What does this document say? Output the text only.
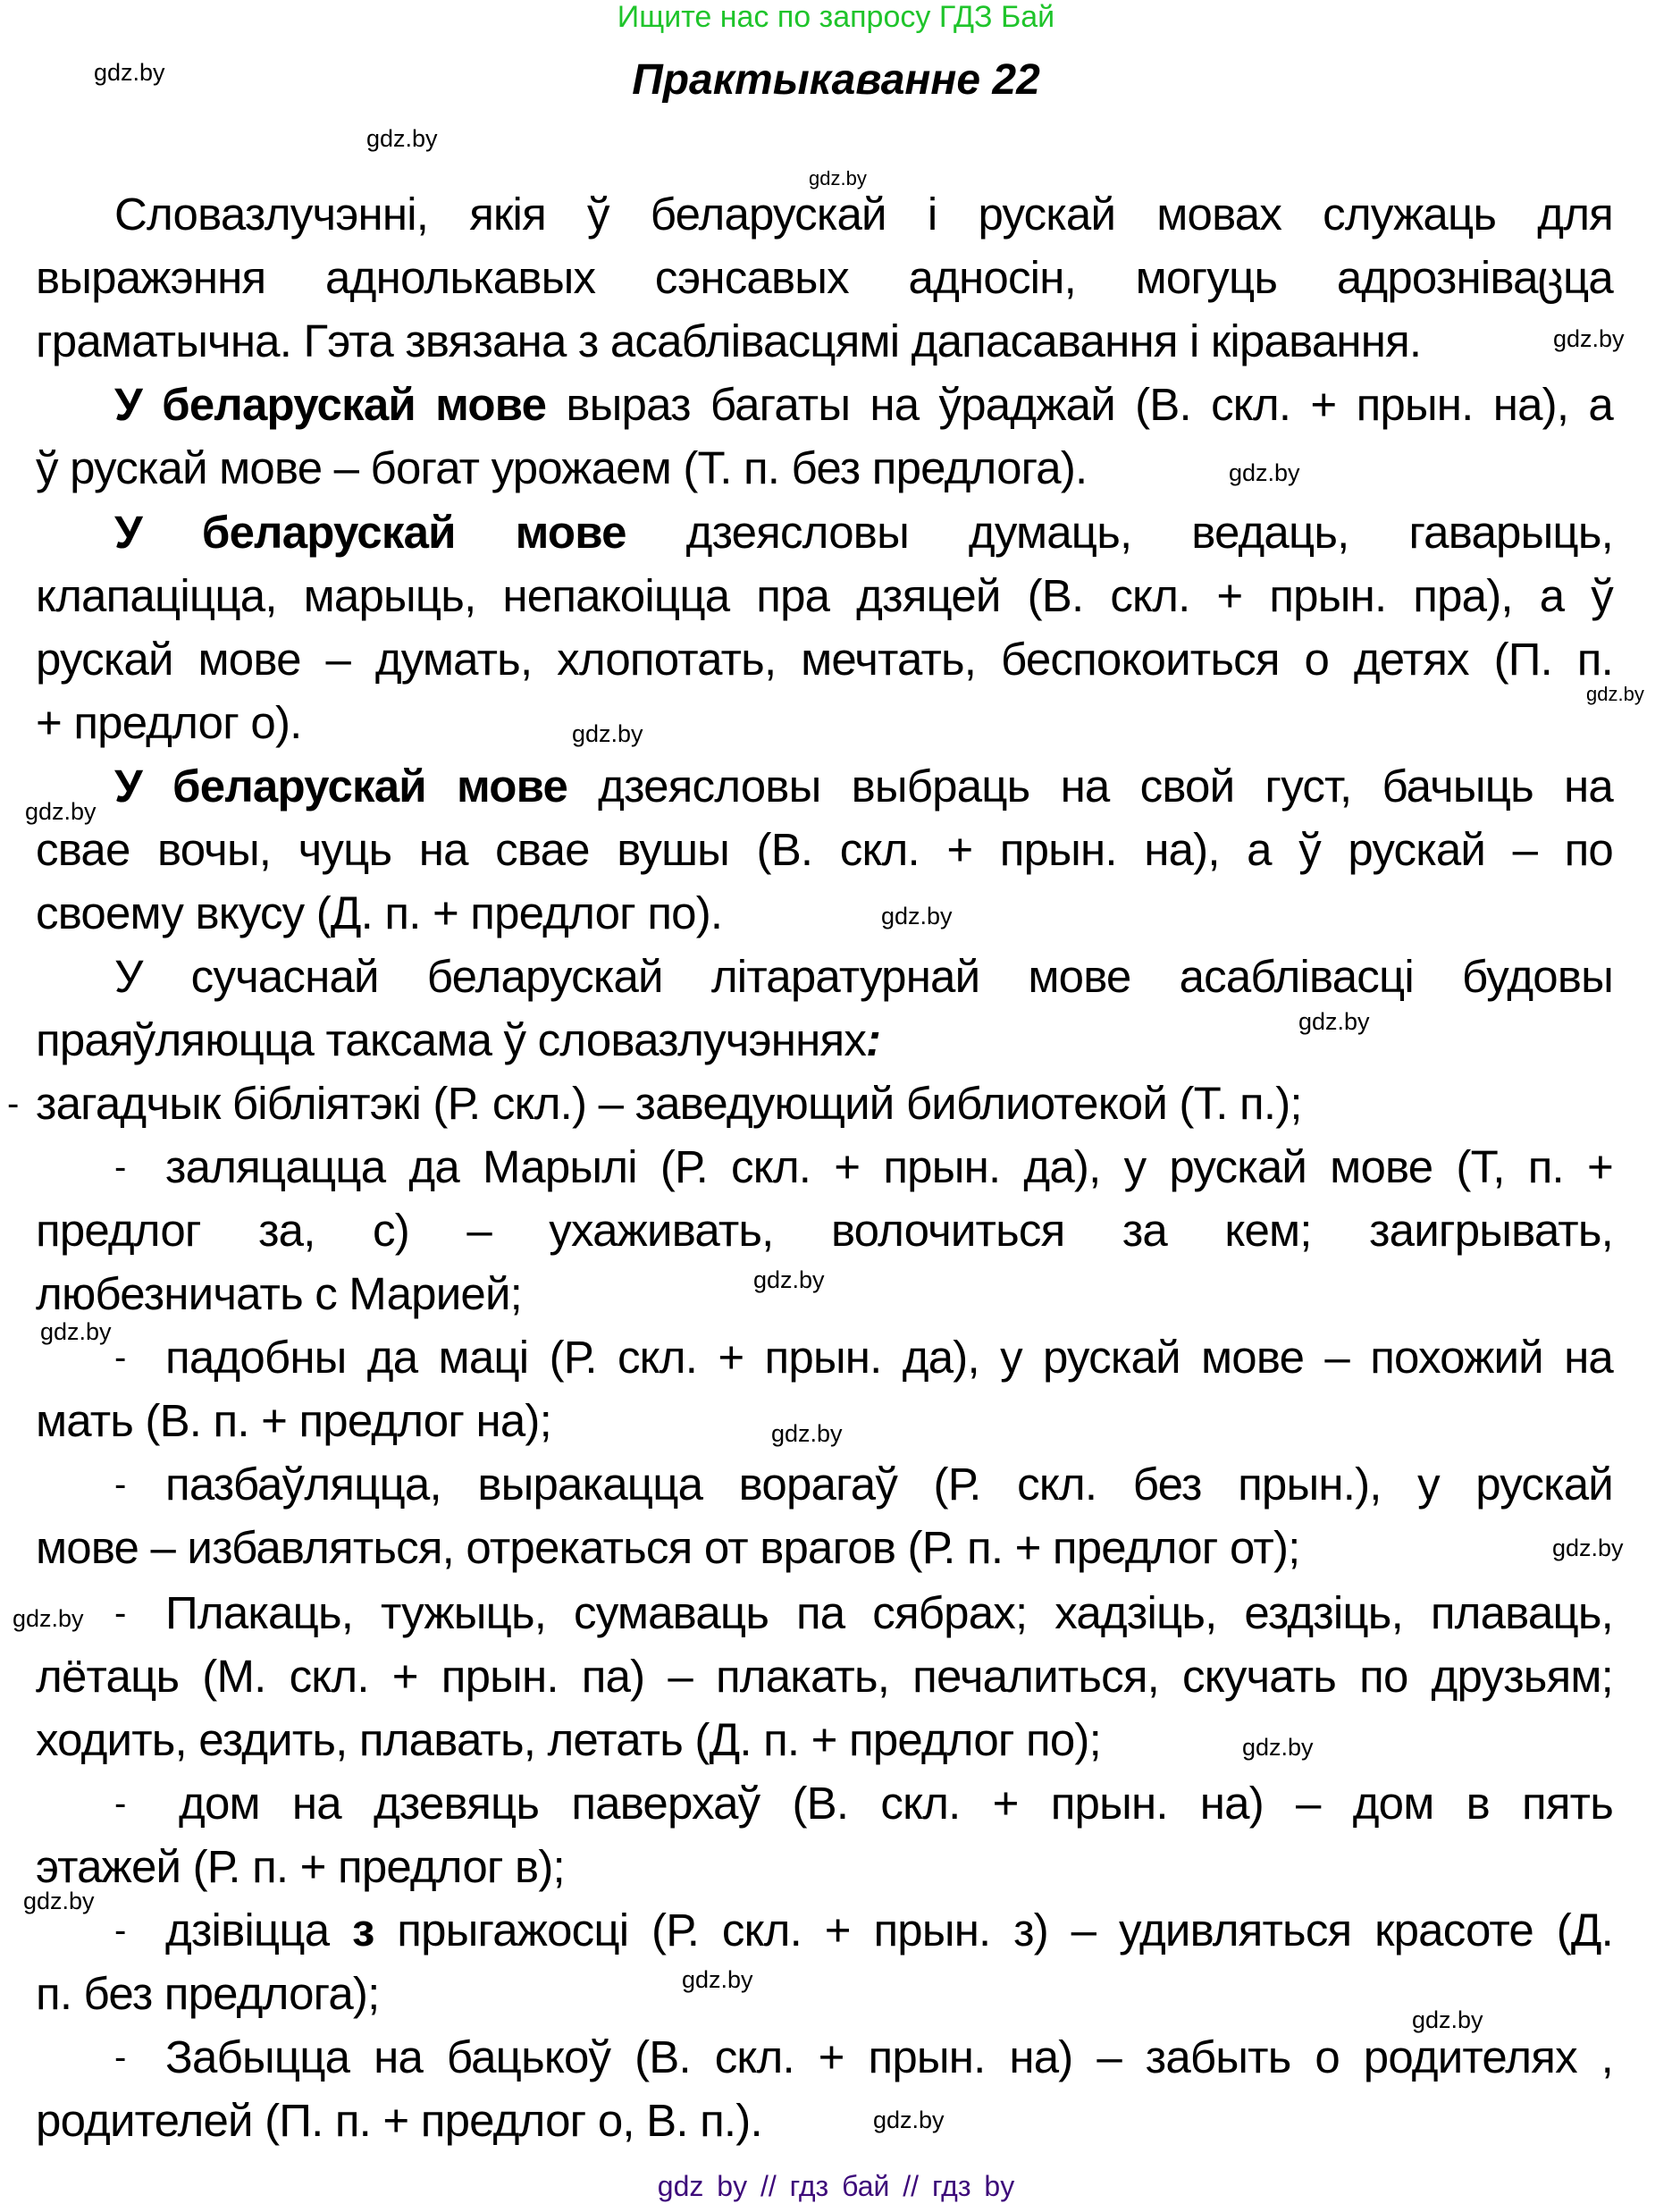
Ищите нас по запросу ГДЗ Бай
Практыкаванне 22
gdz.by
gdz.by
gdz.by
gdz.by
gdz.by
gdz.by
gdz.by
gdz.by
gdz.by
gdz.by
gdz.by
gdz.by
gdz.by
gdz.by
gdz.by
gdz.by
gdz.by
gdz.by
gdz.by
gdz.by
Словазлучэнні, якія ў беларускай і рускай мовах служаць для
выражэння аднолькавых сэнсавых адносін, могуць адрозніваცца
граматычна. Гэта звязана з асаблівасцямі дапасавання і кіравання.
У беларускай мове выраз багаты на ўраджай (В. скл. + прын. на), а
ў рускай мове – богат урожаем (Т. п. без предлога).
У беларускай мове дзеясловы думаць, ведаць, гаварыць,
клапаціцца, марыць, непакоіцца пра дзяцей (В. скл. + прын. пра), а ў
рускай мове – думать, хлопотать, мечтать, беспокоиться о детях (П. п.
+ предлог о).
У беларускай мове дзеясловы выбраць на свой густ, бачыць на
свае вочы, чуць на свае вушы (В. скл. + прын. на), а ў рускай – по
своему вкусу (Д. п. + предлог по).
У сучаснай беларускай літаратурнай мове асаблівасці будовы
праяўляюцца таксама ў словазлучэннях:
- загадчык бібліятэкі (Р. скл.) – заведующий библиотекой (Т. п.);
- заляцацца да Марылі (Р. скл. + прын. да), у рускай мове (Т, п. +
предлог за, с) – ухаживать, волочиться за кем; заигрывать,
любезничать с Марией;
- падобны да маці (Р. скл. + прын. да), у рускай мове – похожий на
мать (В. п. + предлог на);
- пазбаўляцца, выракацца ворагаў (Р. скл. без прын.), у рускай
мове – избавляться, отрекаться от врагов (Р. п. + предлог от);
- Плакаць, тужыць, сумаваць па сябрах; хадзіць, ездзіць, плаваць,
лётаць (М. скл. + прын. па) – плакать, печалиться, скучать по друзьям;
ходить, ездить, плавать, летать (Д. п. + предлог по);
- дом на дзевяць паверхаў (В. скл. + прын. на) – дом в пять
этажей (Р. п. + предлог в);
- дзівіцца з прыгажосці (Р. скл. + прын. з) – удивляться красоте (Д.
п. без предлога);
- Забыцца на бацькоў (В. скл. + прын. на) – забыть о родителях ,
родителей (П. п. + предлог о, В. п.).
gdz by // гдз бай // гдз by
